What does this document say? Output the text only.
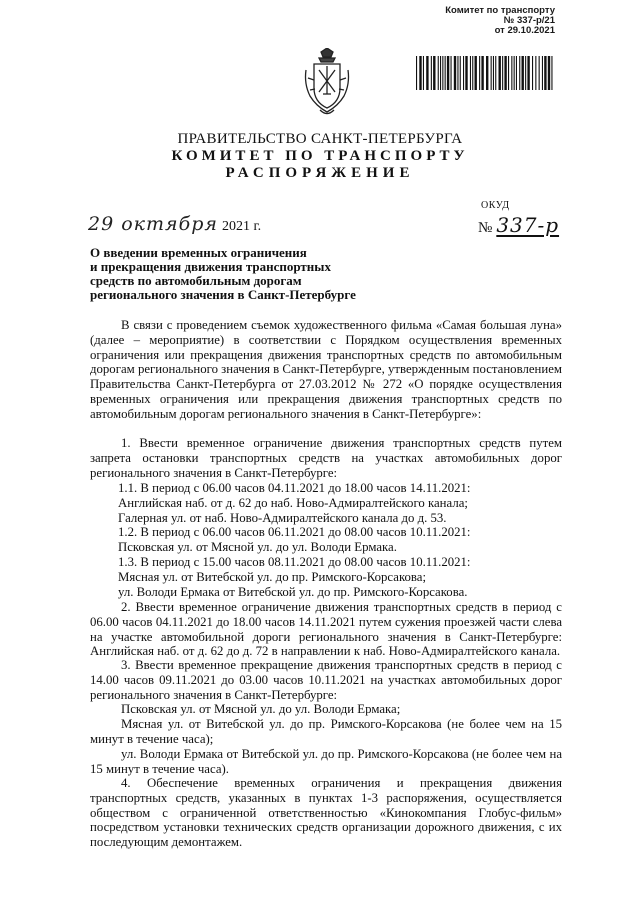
Комитет по транспорту
№ 337-р/21
от 29.10.2021
ПРАВИТЕЛЬСТВО САНКТ-ПЕТЕРБУРГА
КОМИТЕТ ПО ТРАНСПОРТУ
РАСПОРЯЖЕНИЕ
ОКУД
29 октября 2021 г.	№ 337-р
О введении временных ограничения
и прекращения движения транспортных
средств по автомобильным дорогам
регионального значения в Санкт-Петербурге

В связи с проведением съемок художественного фильма «Самая большая луна» (далее – мероприятие) в соответствии с Порядком осуществления временных ограничения или прекращения движения транспортных средств по автомобильным дорогам регионального значения в Санкт-Петербурге, утвержденным постановлением Правительства Санкт-Петербурга от 27.03.2012 № 272 «О порядке осуществления временных ограничения или прекращения движения транспортных средств по автомобильным дорогам регионального значения в Санкт-Петербурге»:

1. Ввести временное ограничение движения транспортных средств путем запрета остановки транспортных средств на участках автомобильных дорог регионального значения в Санкт-Петербурге:

1.1. В период с 06.00 часов 04.11.2021 до 18.00 часов 14.11.2021:
Английская наб. от д. 62 до наб. Ново-Адмиралтейского канала;
Галерная ул. от наб. Ново-Адмиралтейского канала до д. 53.
1.2. В период с 06.00 часов 06.11.2021 до 08.00 часов 10.11.2021:
Псковская ул. от Мясной ул. до ул. Володи Ермака.
1.3. В период с 15.00 часов 08.11.2021 до 08.00 часов 10.11.2021:
Мясная ул. от Витебской ул. до пр. Римского-Корсакова;
ул. Володи Ермака от Витебской ул. до пр. Римского-Корсакова.

2. Ввести временное ограничение движения транспортных средств в период с 06.00 часов 04.11.2021 до 18.00 часов 14.11.2021 путем сужения проезжей части слева на участке автомобильной дороги регионального значения в Санкт-Петербурге: Английская наб. от д. 62 до д. 72 в направлении к наб. Ново-Адмиралтейского канала.

3. Ввести временное прекращение движения транспортных средств в период с 14.00 часов 09.11.2021 до 03.00 часов 10.11.2021 на участках автомобильных дорог регионального значения в Санкт-Петербурге:

Псковская ул. от Мясной ул. до ул. Володи Ермака;

Мясная ул. от Витебской ул. до пр. Римского-Корсакова (не более чем на 15 минут в течение часа);

ул. Володи Ермака от Витебской ул. до пр. Римского-Корсакова (не более чем на 15 минут в течение часа).

4. Обеспечение временных ограничения и прекращения движения транспортных средств, указанных в пунктах 1-3 распоряжения, осуществляется обществом с ограниченной ответственностью «Кинокомпания Глобус-фильм» посредством установки технических средств организации дорожного движения, с их последующим демонтажем.
